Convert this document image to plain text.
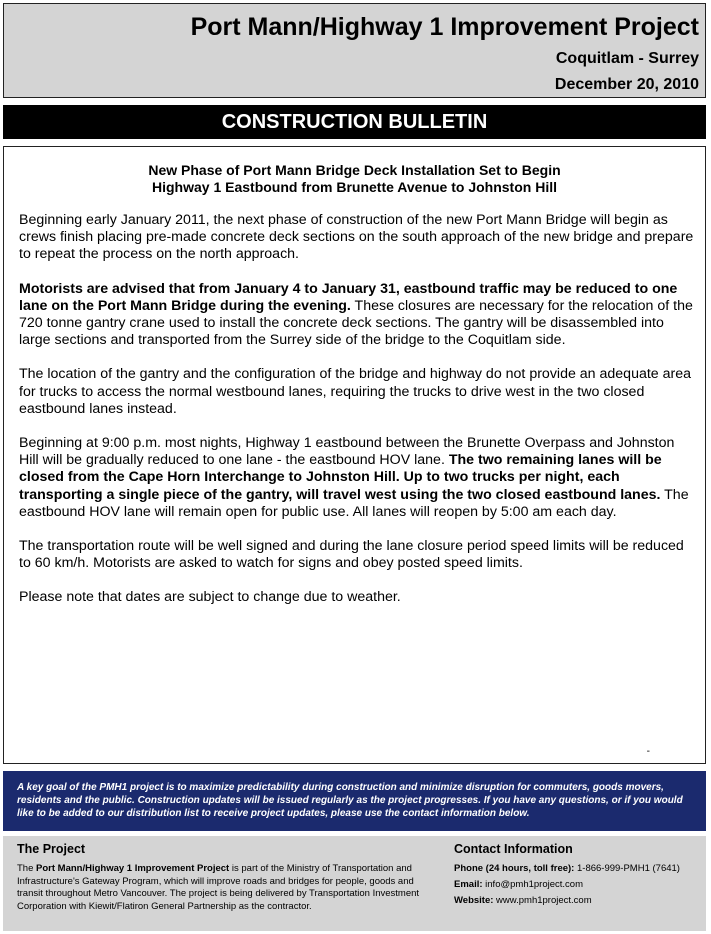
Port Mann/Highway 1 Improvement Project
Coquitlam - Surrey
December 20, 2010
CONSTRUCTION BULLETIN
New Phase of Port Mann Bridge Deck Installation Set to Begin
Highway 1 Eastbound from Brunette Avenue to Johnston Hill

Beginning early January 2011, the next phase of construction of the new Port Mann Bridge will begin as crews finish placing pre-made concrete deck sections on the south approach of the new bridge and prepare to repeat the process on the north approach.

Motorists are advised that from January 4 to January 31, eastbound traffic may be reduced to one lane on the Port Mann Bridge during the evening. These closures are necessary for the relocation of the 720 tonne gantry crane used to install the concrete deck sections. The gantry will be disassembled into large sections and transported from the Surrey side of the bridge to the Coquitlam side.

The location of the gantry and the configuration of the bridge and highway do not provide an adequate area for trucks to access the normal westbound lanes, requiring the trucks to drive west in the two closed eastbound lanes instead.

Beginning at 9:00 p.m. most nights, Highway 1 eastbound between the Brunette Overpass and Johnston Hill will be gradually reduced to one lane - the eastbound HOV lane. The two remaining lanes will be closed from the Cape Horn Interchange to Johnston Hill. Up to two trucks per night, each transporting a single piece of the gantry, will travel west using the two closed eastbound lanes. The eastbound HOV lane will remain open for public use. All lanes will reopen by 5:00 am each day.

The transportation route will be well signed and during the lane closure period speed limits will be reduced to 60 km/h. Motorists are asked to watch for signs and obey posted speed limits.

Please note that dates are subject to change due to weather.

-
A key goal of the PMH1 project is to maximize predictability during construction and minimize disruption for commuters, goods movers, residents and the public. Construction updates will be issued regularly as the project progresses. If you have any questions, or if you would like to be added to our distribution list to receive project updates, please use the contact information below.
The Project
The Port Mann/Highway 1 Improvement Project is part of the Ministry of Transportation and Infrastructure's Gateway Program, which will improve roads and bridges for people, goods and transit throughout Metro Vancouver. The project is being delivered by Transportation Investment Corporation with Kiewit/Flatiron General Partnership as the contractor.
Contact Information
Phone (24 hours, toll free): 1-866-999-PMH1 (7641)
Email: info@pmh1project.com
Website: www.pmh1project.com
